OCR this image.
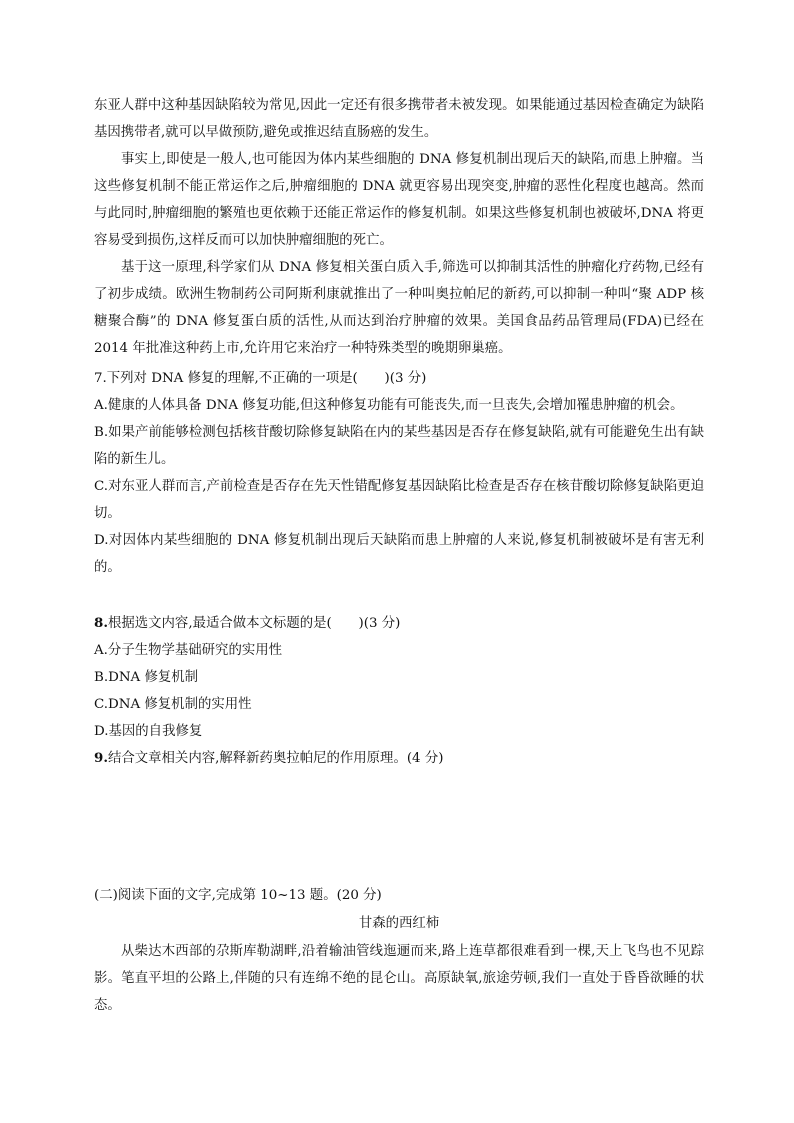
东亚人群中这种基因缺陷较为常见,因此一定还有很多携带者未被发现。如果能通过基因检查确定为缺陷基因携带者,就可以早做预防,避免或推迟结直肠癌的发生。

事实上,即使是一般人,也可能因为体内某些细胞的 DNA 修复机制出现后天的缺陷,而患上肿瘤。当这些修复机制不能正常运作之后,肿瘤细胞的 DNA 就更容易出现突变,肿瘤的恶性化程度也越高。然而与此同时,肿瘤细胞的繁殖也更依赖于还能正常运作的修复机制。如果这些修复机制也被破坏,DNA 将更容易受到损伤,这样反而可以加快肿瘤细胞的死亡。

基于这一原理,科学家们从 DNA 修复相关蛋白质入手,筛选可以抑制其活性的肿瘤化疗药物,已经有了初步成绩。欧洲生物制药公司阿斯利康就推出了一种叫奥拉帕尼的新药,可以抑制一种叫“聚 ADP 核糖聚合酶”的 DNA 修复蛋白质的活性,从而达到治疗肿瘤的效果。美国食品药品管理局(FDA)已经在 2014 年批准这种药上市,允许用它来治疗一种特殊类型的晚期卵巢癌。

7.下列对 DNA 修复的理解,不正确的一项是(　　)(3 分)

A.健康的人体具备 DNA 修复功能,但这种修复功能有可能丧失,而一旦丧失,会增加罹患肿瘤的机会。

B.如果产前能够检测包括核苷酸切除修复缺陷在内的某些基因是否存在修复缺陷,就有可能避免生出有缺陷的新生儿。

C.对东亚人群而言,产前检查是否存在先天性错配修复基因缺陷比检查是否存在核苷酸切除修复缺陷更迫切。

D.对因体内某些细胞的 DNA 修复机制出现后天缺陷而患上肿瘤的人来说,修复机制被破坏是有害无利的。

8.根据选文内容,最适合做本文标题的是(　　)(3 分)

A.分子生物学基础研究的实用性

B.DNA 修复机制

C.DNA 修复机制的实用性

D.基因的自我修复

9.结合文章相关内容,解释新药奥拉帕尼的作用原理。(4 分)

(二)阅读下面的文字,完成第 10~13 题。(20 分)

甘森的西红柿

从柴达木西部的尕斯库勒湖畔,沿着输油管线迤逦而来,路上连草都很难看到一棵,天上飞鸟也不见踪影。笔直平坦的公路上,伴随的只有连绵不绝的昆仑山。高原缺氧,旅途劳顿,我们一直处于昏昏欲睡的状态。
